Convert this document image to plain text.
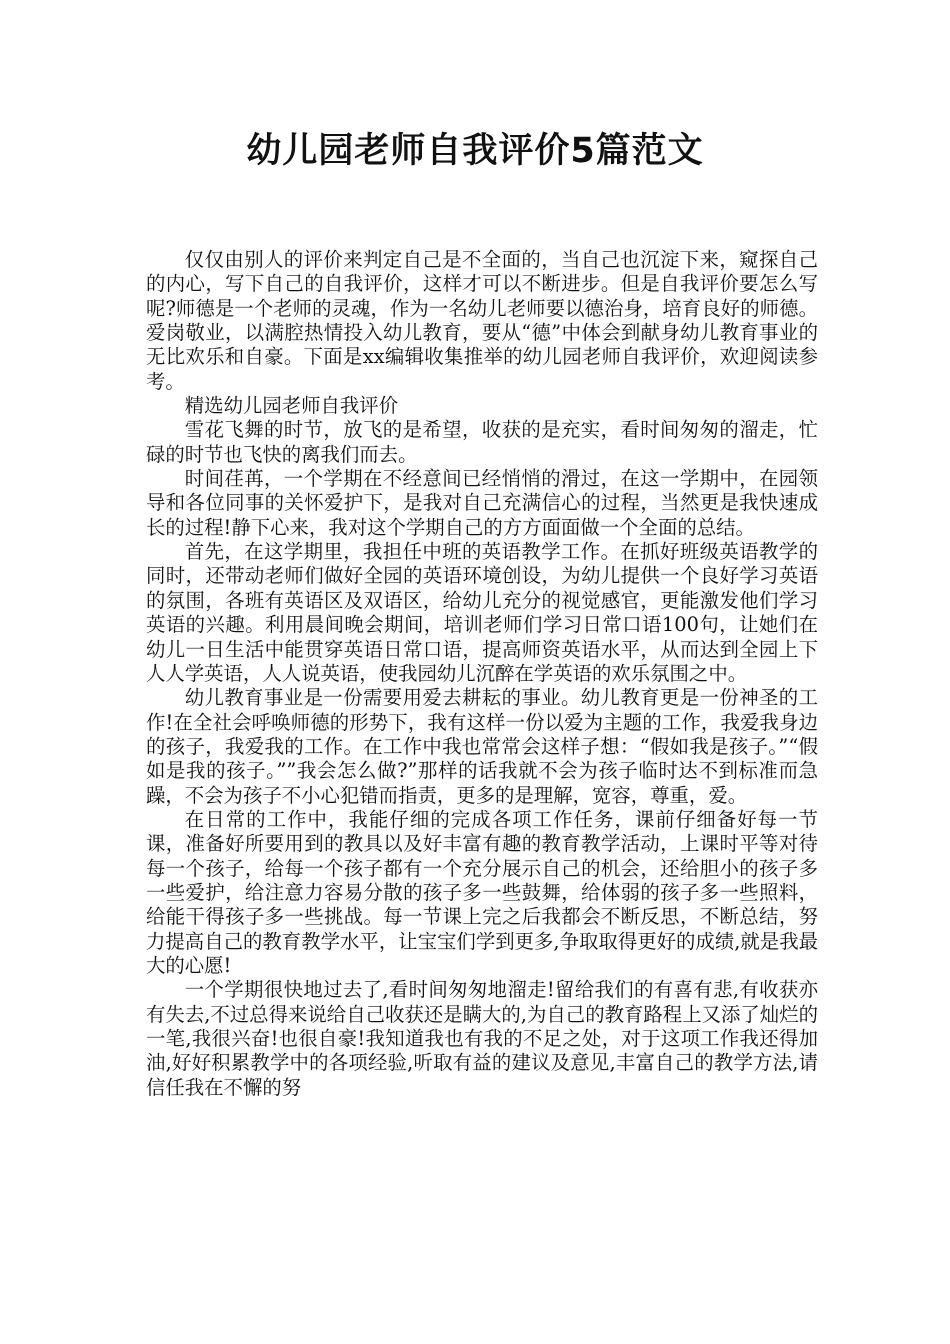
幼儿园老师自我评价5篇范文

仅仅由别人的评价来判定自己是不全面的，当自己也沉淀下来，窥探自己的内心，写下自己的自我评价，这样才可以不断进步。但是自我评价要怎么写呢?师德是一个老师的灵魂，作为一名幼儿老师要以德治身，培育良好的师德。爱岗敬业，以满腔热情投入幼儿教育，要从“德”中体会到献身幼儿教育事业的无比欢乐和自豪。下面是xx编辑收集推举的幼儿园老师自我评价，欢迎阅读参考。

精选幼儿园老师自我评价

雪花飞舞的时节，放飞的是希望，收获的是充实，看时间匆匆的溜走，忙碌的时节也飞快的离我们而去。

时间荏苒，一个学期在不经意间已经悄悄的滑过，在这一学期中，在园领导和各位同事的关怀爱护下，是我对自己充满信心的过程，当然更是我快速成长的过程!静下心来，我对这个学期自己的方方面面做一个全面的总结。

首先，在这学期里，我担任中班的英语教学工作。在抓好班级英语教学的同时，还带动老师们做好全园的英语环境创设，为幼儿提供一个良好学习英语的氛围，各班有英语区及双语区，给幼儿充分的视觉感官，更能激发他们学习英语的兴趣。利用晨间晚会期间，培训老师们学习日常口语100句，让她们在幼儿一日生活中能贯穿英语日常口语，提高师资英语水平，从而达到全园上下人人学英语，人人说英语，使我园幼儿沉醉在学英语的欢乐氛围之中。

幼儿教育事业是一份需要用爱去耕耘的事业。幼儿教育更是一份神圣的工作!在全社会呼唤师德的形势下，我有这样一份以爱为主题的工作，我爱我身边的孩子，我爱我的工作。在工作中我也常常会这样子想：“假如我是孩子。”“假如是我的孩子。””我会怎么做?”那样的话我就不会为孩子临时达不到标准而急躁，不会为孩子不小心犯错而指责，更多的是理解，宽容，尊重，爱。

在日常的工作中，我能仔细的完成各项工作任务，课前仔细备好每一节课，准备好所要用到的教具以及好丰富有趣的教育教学活动，上课时平等对待每一个孩子，给每一个孩子都有一个充分展示自己的机会，还给胆小的孩子多一些爱护，给注意力容易分散的孩子多一些鼓舞，给体弱的孩子多一些照料，给能干得孩子多一些挑战。每一节课上完之后我都会不断反思，不断总结，努力提高自己的教育教学水平，让宝宝们学到更多,争取取得更好的成绩,就是我最大的心愿!

一个学期很快地过去了,看时间匆匆地溜走!留给我们的有喜有悲,有收获亦有失去,不过总得来说给自己收获还是瞒大的,为自己的教育路程上又添了灿烂的一笔,我很兴奋!也很自豪!我知道我也有我的不足之处，对于这项工作我还得加油,好好积累教学中的各项经验,听取有益的建议及意见,丰富自己的教学方法,请信任我在不懈的努
